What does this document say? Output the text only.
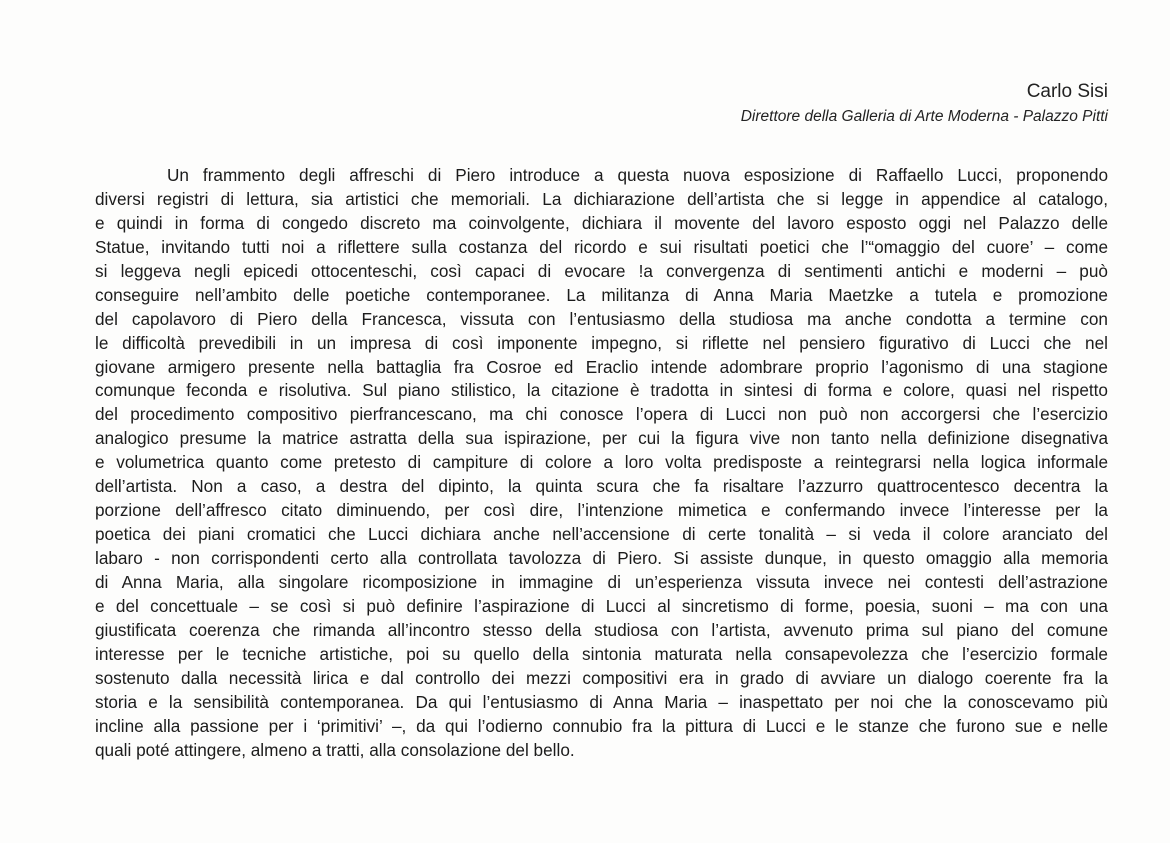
Carlo Sisi
Direttore della Galleria di Arte Moderna - Palazzo Pitti
Un frammento degli affreschi di Piero introduce a questa nuova esposizione di Raffaello Lucci, proponendo
diversi registri di lettura, sia artistici che memoriali. La dichiarazione dell’artista che si legge in appendice al catalogo,
e quindi in forma di congedo discreto ma coinvolgente, dichiara il movente del lavoro esposto oggi nel Palazzo delle
Statue, invitando tutti noi a riflettere sulla costanza del ricordo e sui risultati poetici che l’“omaggio del cuore’ – come
si leggeva negli epicedi ottocenteschi, così capaci di evocare !a convergenza di sentimenti antichi e moderni – può
conseguire nell’ambito delle poetiche contemporanee. La militanza di Anna Maria Maetzke a tutela e promozione
del capolavoro di Piero della Francesca, vissuta con l’entusiasmo della studiosa ma anche condotta a termine con
le difficoltà prevedibili in un impresa di così imponente impegno, si riflette nel pensiero figurativo di Lucci che nel
giovane armigero presente nella battaglia fra Cosroe ed Eraclio intende adombrare proprio l’agonismo di una stagione
comunque feconda e risolutiva. Sul piano stilistico, la citazione è tradotta in sintesi di forma e colore, quasi nel rispetto
del procedimento compositivo pierfrancescano, ma chi conosce l’opera di Lucci non può non accorgersi che l’esercizio
analogico presume la matrice astratta della sua ispirazione, per cui la figura vive non tanto nella definizione disegnativa
e volumetrica quanto come pretesto di campiture di colore a loro volta predisposte a reintegrarsi nella logica informale
dell’artista. Non a caso, a destra del dipinto, la quinta scura che fa risaltare l’azzurro quattrocentesco decentra la
porzione dell’affresco citato diminuendo, per così dire, l’intenzione mimetica e confermando invece l’interesse per la
poetica dei piani cromatici che Lucci dichiara anche nell’accensione di certe tonalità – si veda il colore aranciato del
labaro - non corrispondenti certo alla controllata tavolozza di Piero. Si assiste dunque, in questo omaggio alla memoria
di Anna Maria, alla singolare ricomposizione in immagine di un’esperienza vissuta invece nei contesti dell’astrazione
e del concettuale – se così si può definire l’aspirazione di Lucci al sincretismo di forme, poesia, suoni – ma con una
giustificata coerenza che rimanda all’incontro stesso della studiosa con l’artista, avvenuto prima sul piano del comune
interesse per le tecniche artistiche, poi su quello della sintonia maturata nella consapevolezza che l’esercizio formale
sostenuto dalla necessità lirica e dal controllo dei mezzi compositivi era in grado di avviare un dialogo coerente fra la
storia e la sensibilità contemporanea. Da qui l’entusiasmo di Anna Maria – inaspettato per noi che la conoscevamo più
incline alla passione per i ‘primitivi’ –, da qui l’odierno connubio fra la pittura di Lucci e le stanze che furono sue e nelle
quali poté attingere, almeno a tratti, alla consolazione del bello.
